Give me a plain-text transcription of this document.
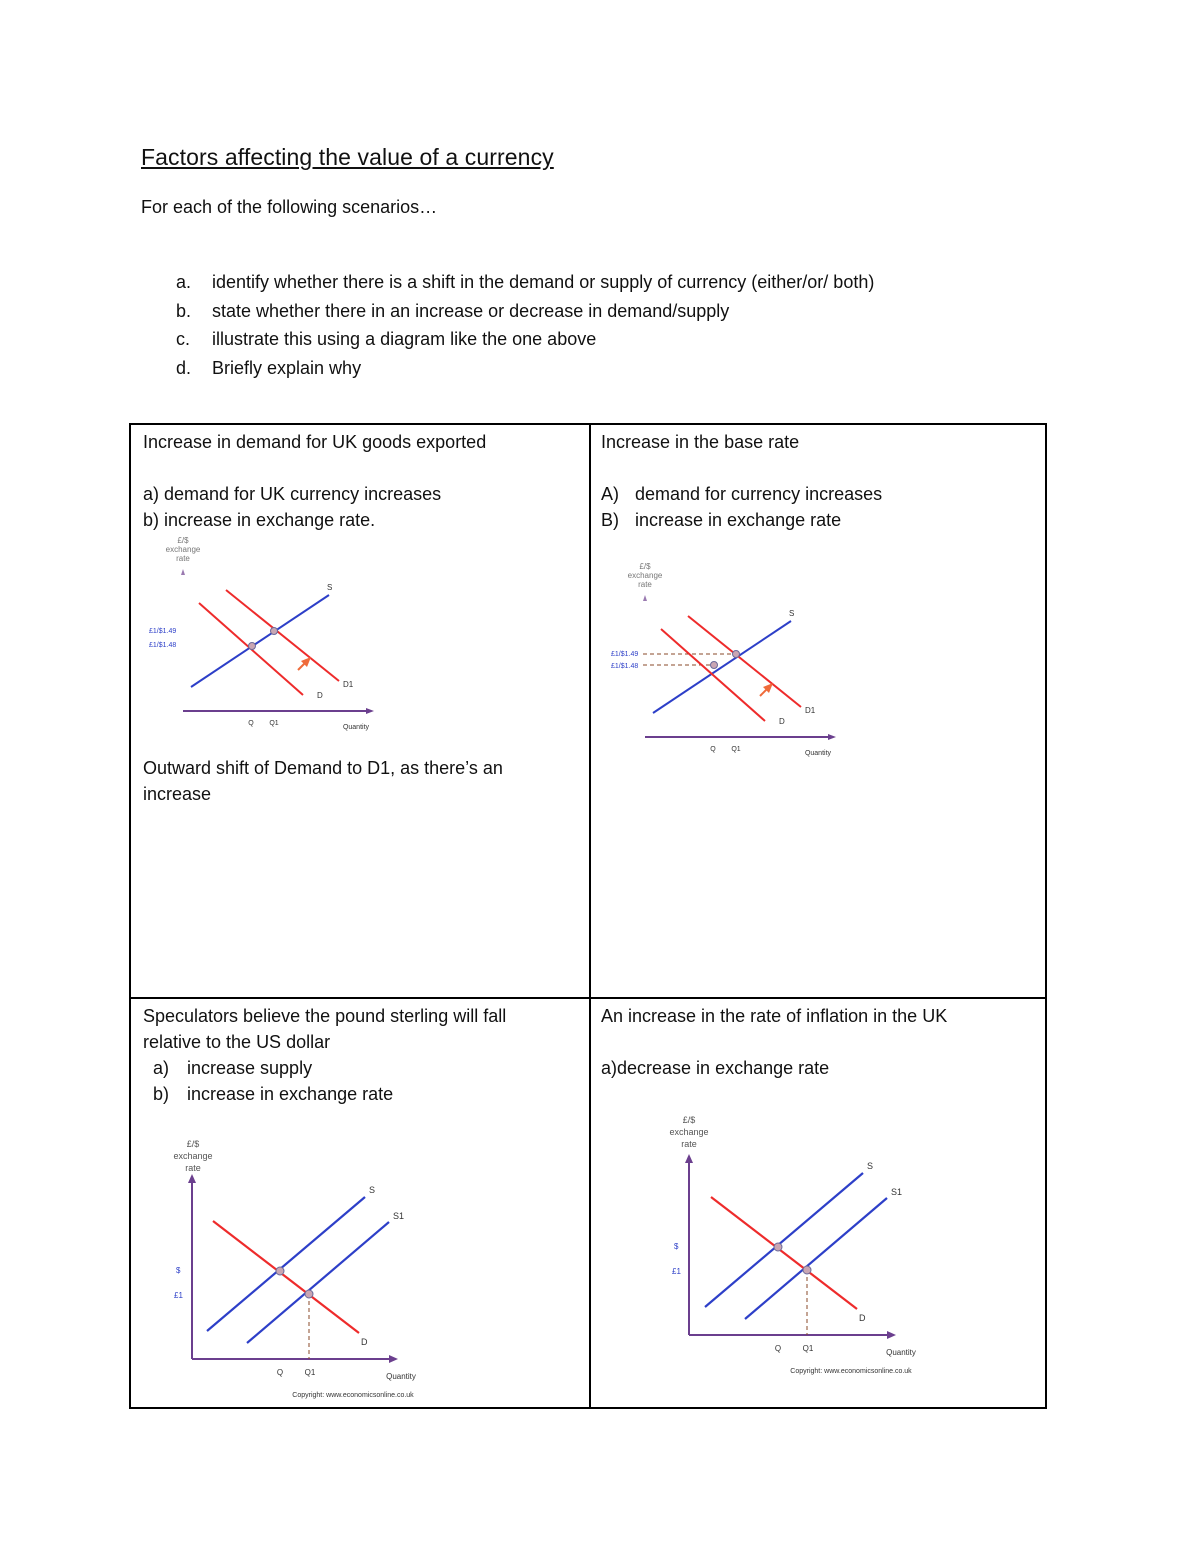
Factors affecting the value of a currency
For each of the following scenarios…
a. identify whether there is a shift in the demand or supply of currency (either/or/ both)
b. state whether there in an increase or decrease in demand/supply
c. illustrate this using a diagram like the one above
d. Briefly explain why

Increase in demand for UK goods exported

a) demand for UK currency increases

b) increase in exchange rate.

Outward shift of Demand to D1, as there’s an increase

Increase in the base rate

A) demand for currency increases

B) increase in exchange rate

Speculators believe the pound sterling will fall relative to the US dollar

a) increase supply

b) increase in exchange rate

An increase in the rate of inflation in the UK

a)decrease in exchange rate

£/$
exchange
rate
£1/$1.49
£1/$1.48
S
D
D1
Q Q1
Quantity
£/$
exchange
rate
£1/$1.49
£1/$1.48
S
D
D1
Q Q1
Quantity
£/$
exchange
rate
$
£1
S
S1
D
Q	Q1	Quantity
Copyright: www.economicsonline.co.uk
£/$
exchange
rate
$
£1
S
S1
D
Q	Q1	Quantity
Copyright: www.economicsonline.co.uk
